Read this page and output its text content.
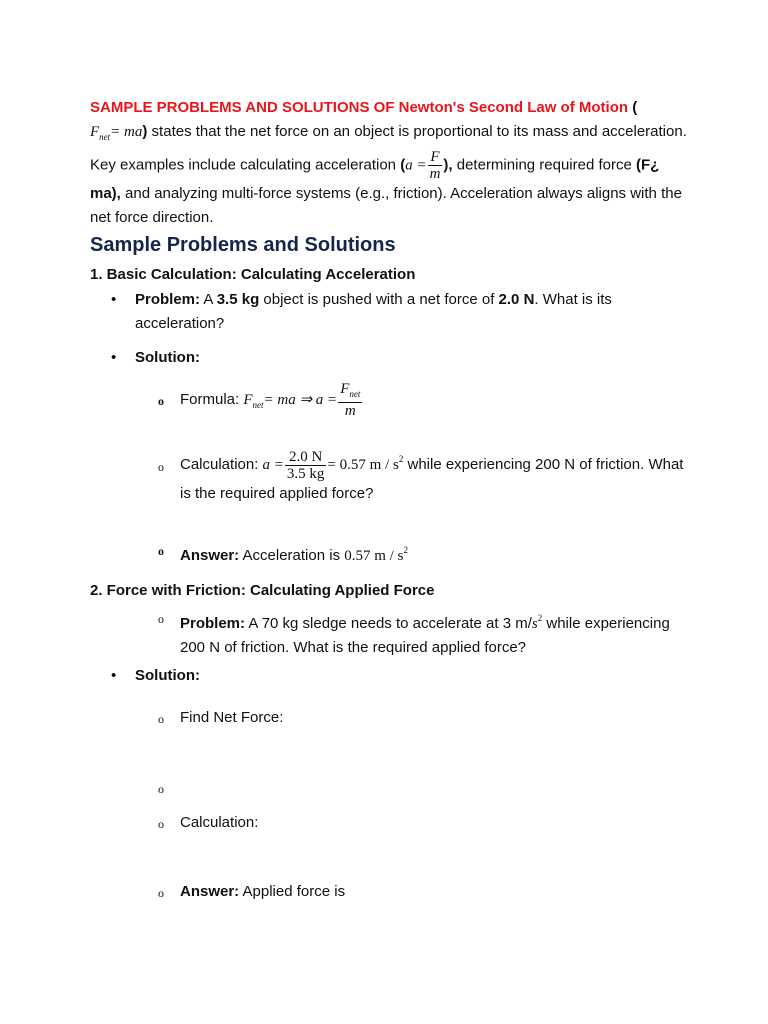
SAMPLE PROBLEMS AND SOLUTIONS OF Newton's Second Law of Motion (
$F_{net}= ma$) states that the net force on an object is proportional to its mass and acceleration. Key examples include calculating acceleration ($a = \frac{F}{m}$ ), determining required force (F¿ ma), and analyzing multi-force systems (e.g., friction). Acceleration always aligns with the net force direction.

Sample Problems and Solutions

1. Basic Calculation: Calculating Acceleration

• Problem: A 3.5 kg object is pushed with a net force of 2.0 N. What is its acceleration?
• Solution:
o Formula: $F_{net}=$ ma ⇒ $a = \frac{F_{net}}{m}$
o Calculation: $a = \frac{2.0 N}{3.5 kg} = 0.57$ m / $s^2$ while experiencing 200 N of friction. What is the required applied force?
o Answer: Acceleration is 0.57 m / $s^2$

2. Force with Friction: Calculating Applied Force

o Problem: A 70 kg sledge needs to accelerate at 3 $m/s^2$ while experiencing 200 N of friction. What is the required applied force?
• Solution:
o Find Net Force:
o
o Calculation:
o Answer: Applied force is
